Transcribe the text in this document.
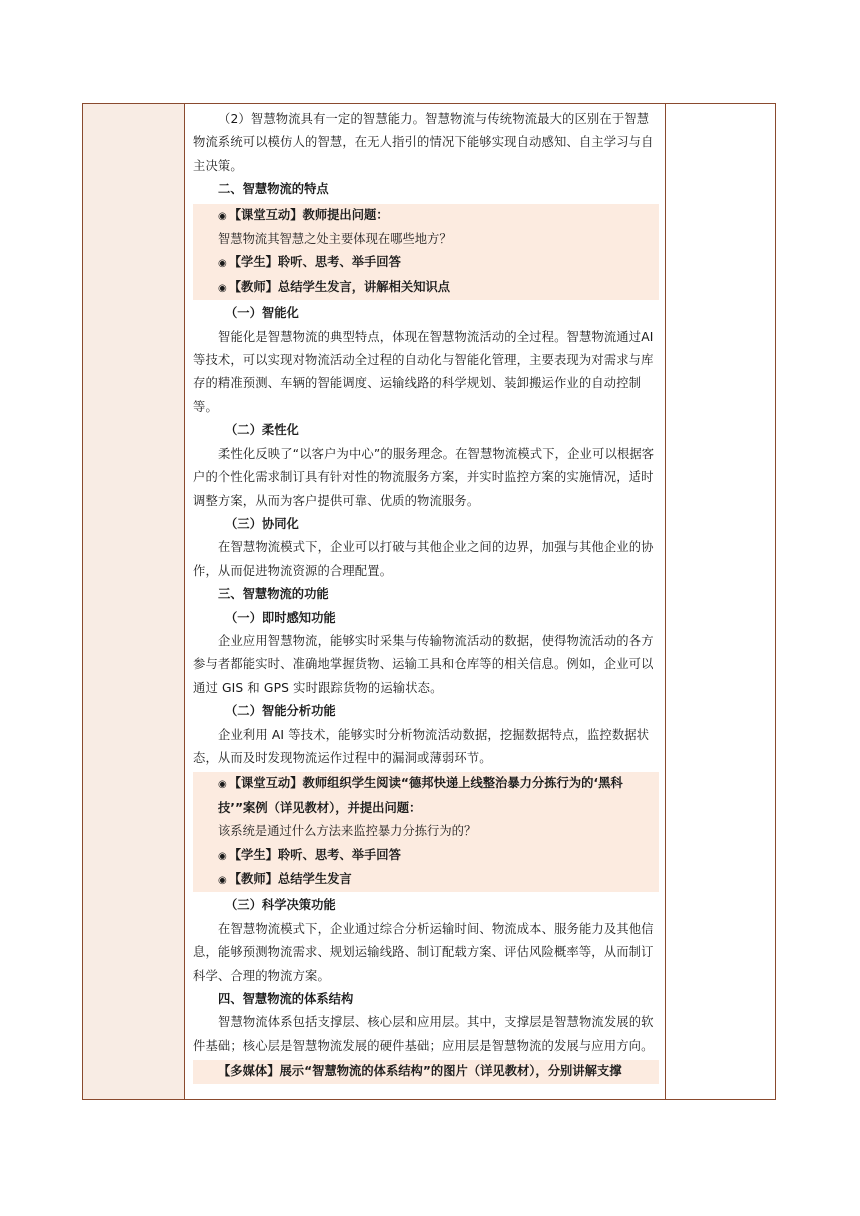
（2）智慧物流具有一定的智慧能力。智慧物流与传统物流最大的区别在于智慧物流系统可以模仿人的智慧，在无人指引的情况下能够实现自动感知、自主学习与自主决策。

二、智慧物流的特点

◉ 【课堂互动】教师提出问题：

智慧物流其智慧之处主要体现在哪些地方？

◉ 【学生】聆听、思考、举手回答

◉ 【教师】总结学生发言，讲解相关知识点

（一）智能化

智能化是智慧物流的典型特点，体现在智慧物流活动的全过程。智慧物流通过AI 等技术，可以实现对物流活动全过程的自动化与智能化管理，主要表现为对需求与库存的精准预测、车辆的智能调度、运输线路的科学规划、装卸搬运作业的自动控制等。

（二）柔性化

柔性化反映了“以客户为中心”的服务理念。在智慧物流模式下，企业可以根据客户的个性化需求制订具有针对性的物流服务方案，并实时监控方案的实施情况，适时调整方案，从而为客户提供可靠、优质的物流服务。

（三）协同化

在智慧物流模式下，企业可以打破与其他企业之间的边界，加强与其他企业的协作，从而促进物流资源的合理配置。

三、智慧物流的功能

（一）即时感知功能

企业应用智慧物流，能够实时采集与传输物流活动的数据，使得物流活动的各方参与者都能实时、准确地掌握货物、运输工具和仓库等的相关信息。例如，企业可以通过 GIS 和 GPS 实时跟踪货物的运输状态。

（二）智能分析功能

企业利用 AI 等技术，能够实时分析物流活动数据，挖掘数据特点，监控数据状态，从而及时发现物流运作过程中的漏洞或薄弱环节。

◉ 【课堂互动】教师组织学生阅读“德邦快递上线整治暴力分拣行为的‘黑科技’”案例（详见教材），并提出问题：

该系统是通过什么方法来监控暴力分拣行为的？

◉ 【学生】聆听、思考、举手回答

◉ 【教师】总结学生发言

（三）科学决策功能

在智慧物流模式下，企业通过综合分析运输时间、物流成本、服务能力及其他信息，能够预测物流需求、规划运输线路、制订配载方案、评估风险概率等，从而制订科学、合理的物流方案。

四、智慧物流的体系结构

智慧物流体系包括支撑层、核心层和应用层。其中，支撑层是智慧物流发展的软件基础；核心层是智慧物流发展的硬件基础；应用层是智慧物流的发展与应用方向。

【多媒体】展示“智慧物流的体系结构”的图片（详见教材），分别讲解支撑
